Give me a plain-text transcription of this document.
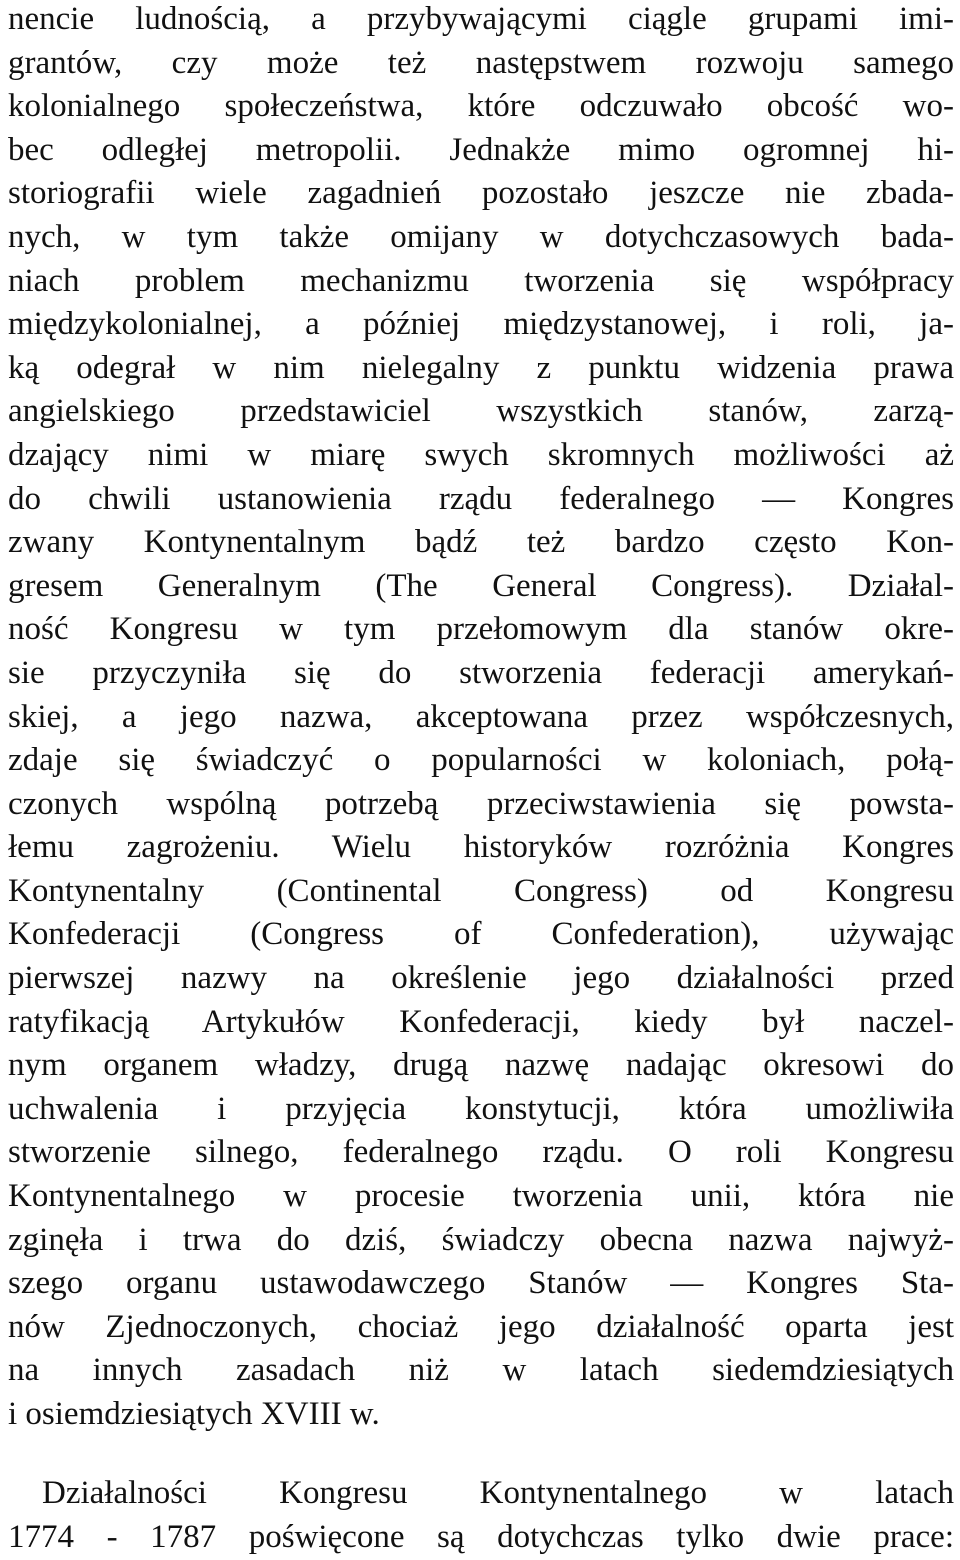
nencie ludnością, a przybywającymi ciągle grupami imi-
grantów, czy może też następstwem rozwoju samego
kolonialnego społeczeństwa, które odczuwało obcość wo-
bec odległej metropolii. Jednakże mimo ogromnej hi-
storiografii wiele zagadnień pozostało jeszcze nie zbada-
nych, w tym także omijany w dotychczasowych bada-
niach problem mechanizmu tworzenia się współpracy
międzykolonialnej, a później międzystanowej, i roli, ja-
ką odegrał w nim nielegalny z punktu widzenia prawa
angielskiego przedstawiciel wszystkich stanów, zarzą-
dzający nimi w miarę swych skromnych możliwości aż
do chwili ustanowienia rządu federalnego — Kongres
zwany Kontynentalnym bądź też bardzo często Kon-
gresem Generalnym (The General Congress). Działal-
ność Kongresu w tym przełomowym dla stanów okre-
sie przyczyniła się do stworzenia federacji amerykań-
skiej, a jego nazwa, akceptowana przez współczesnych,
zdaje się świadczyć o popularności w koloniach, połą-
czonych wspólną potrzebą przeciwstawienia się powsta-
łemu zagrożeniu. Wielu historyków rozróżnia Kongres
Kontynentalny (Continental Congress) od Kongresu
Konfederacji (Congress of Confederation), używając
pierwszej nazwy na określenie jego działalności przed
ratyfikacją Artykułów Konfederacji, kiedy był naczel-
nym organem władzy, drugą nazwę nadając okresowi do
uchwalenia i przyjęcia konstytucji, która umożliwiła
stworzenie silnego, federalnego rządu. O roli Kongresu
Kontynentalnego w procesie tworzenia unii, która nie
zginęła i trwa do dziś, świadczy obecna nazwa najwyż-
szego organu ustawodawczego Stanów — Kongres Sta-
nów Zjednoczonych, chociaż jego działalność oparta jest
na innych zasadach niż w latach siedemdziesiątych
i osiemdziesiątych XVIII w.
Działalności Kongresu Kontynentalnego w latach
1774 - 1787 poświęcone są dotychczas tylko dwie prace:
